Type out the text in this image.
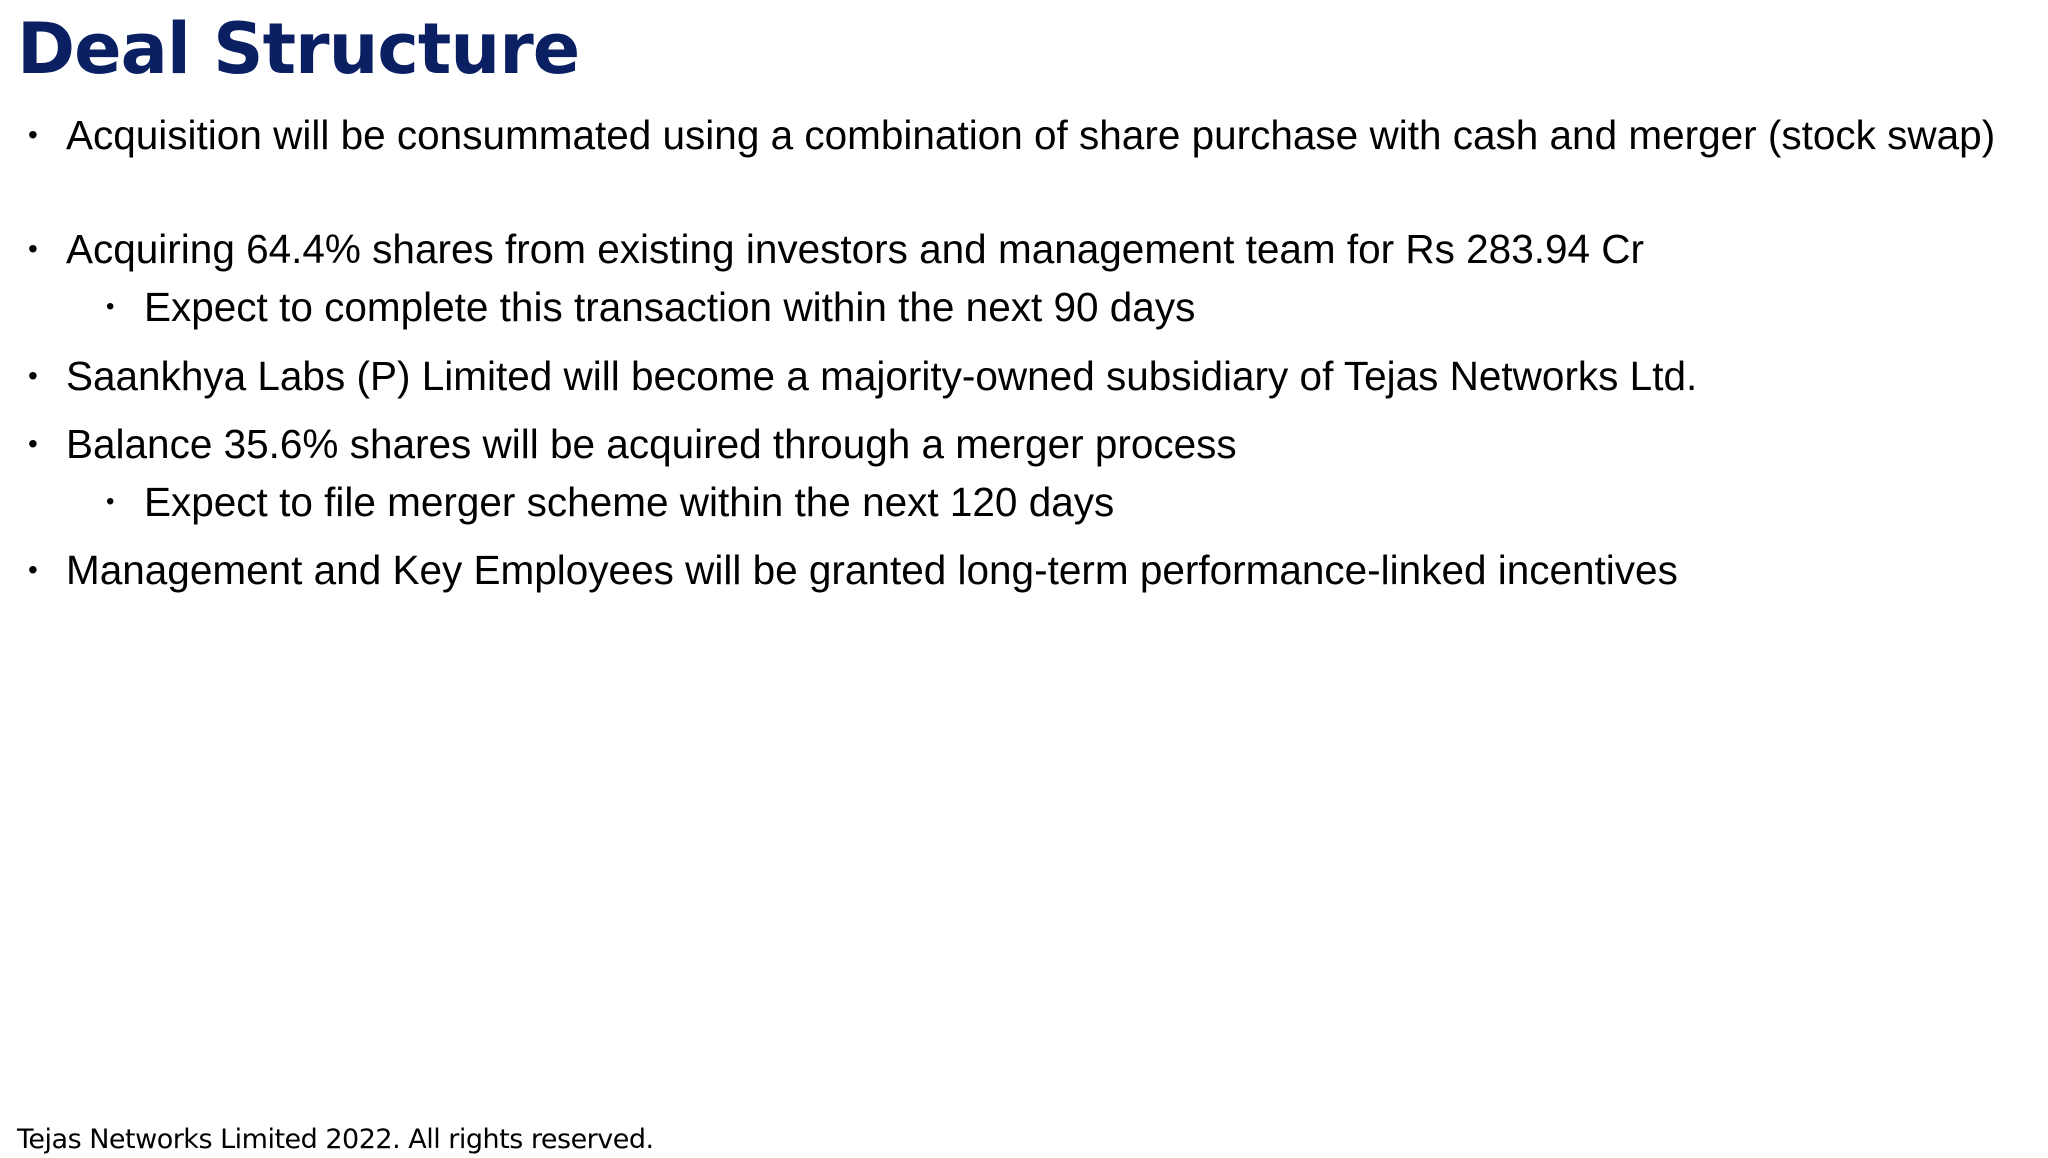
Deal Structure
• Acquisition will be consummated using a combination of share purchase with cash and merger (stock swap)
• Acquiring 64.4% shares from existing investors and management team for Rs 283.94 Cr
• Expect to complete this transaction within the next 90 days
• Saankhya Labs (P) Limited will become a majority-owned subsidiary of Tejas Networks Ltd.
• Balance 35.6% shares will be acquired through a merger process
• Expect to file merger scheme within the next 120 days
• Management and Key Employees will be granted long-term performance-linked incentives
Tejas Networks Limited 2022. All rights reserved.
